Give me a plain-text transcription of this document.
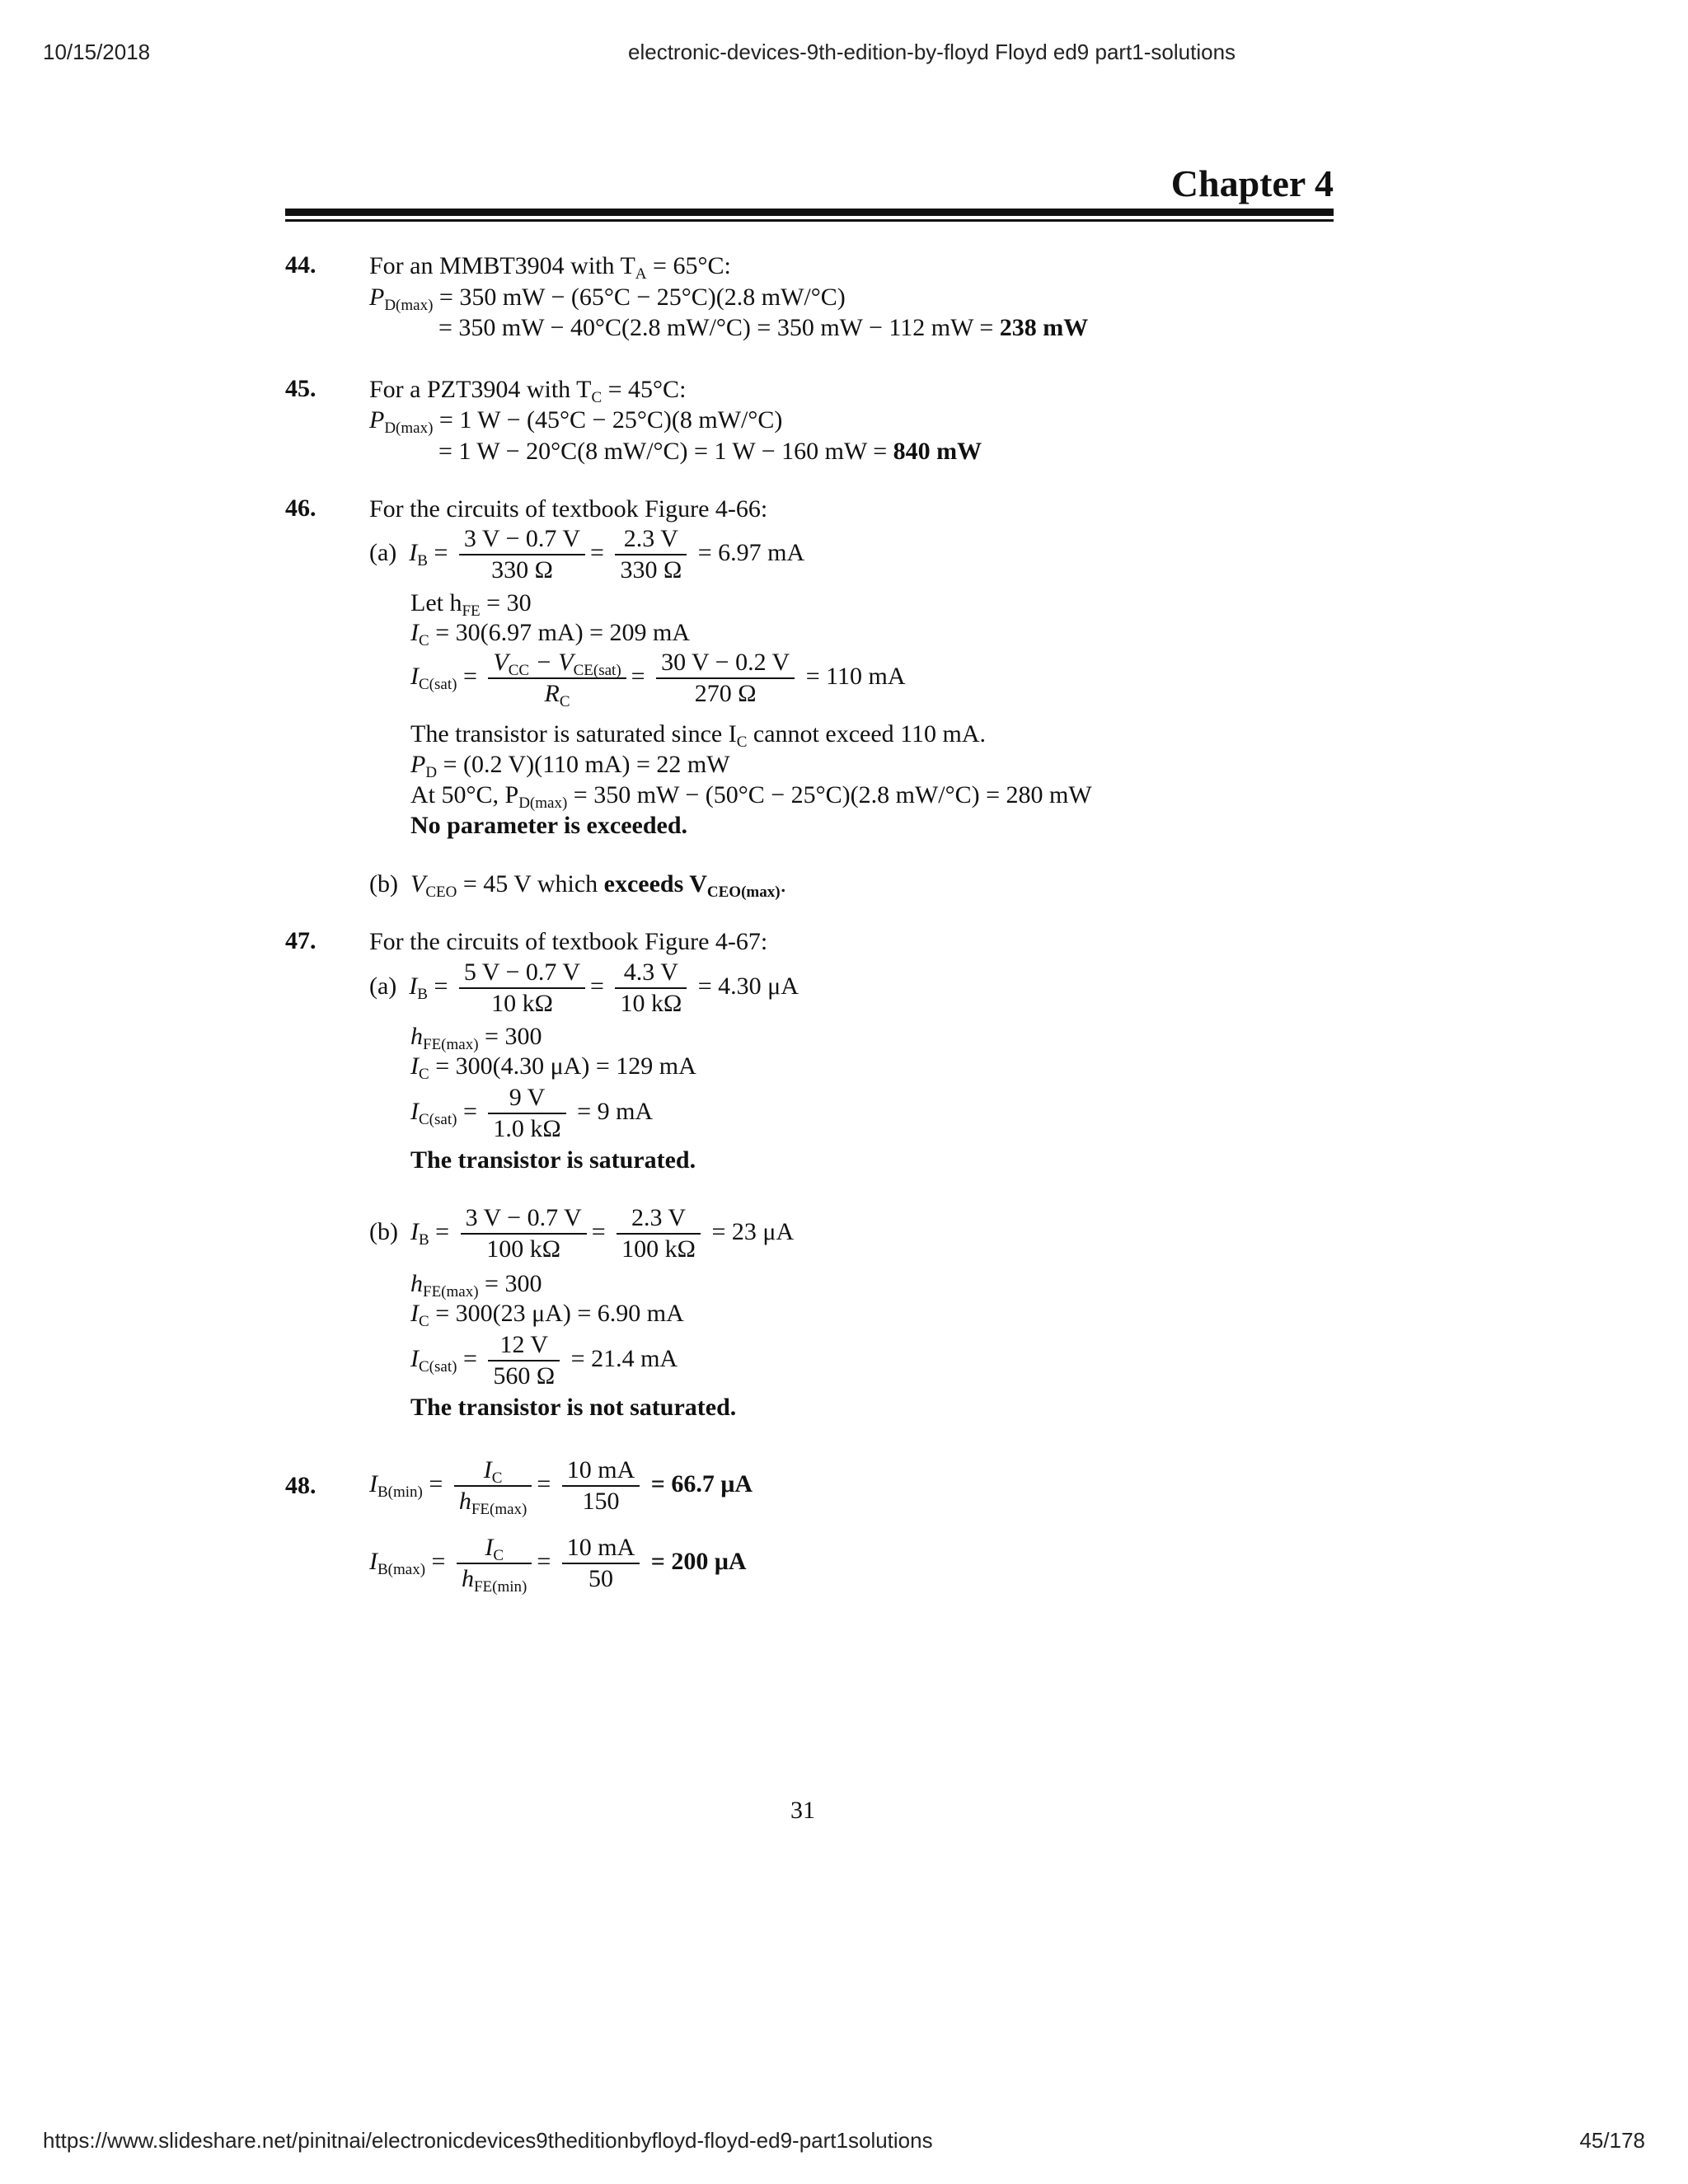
10/15/2018	electronic-devices-9th-edition-by-floyd Floyd ed9 part1-solutions
Chapter 4
44. For an MMBT3904 with $T_A = 65^\circ C$:
$P_{D(max)} = 350$ mW − (65°C − 25°C)(2.8 mW/°C)
= 350 mW − 40°C(2.8 mW/°C) = 350 mW − 112 mW = 238 mW
45. For a PZT3904 with $T_C = 45^\circ C$:
$P_{D(max)} = 1$ W − (45°C − 25°C)(8 mW/°C)
= 1 W − 20°C(8 mW/°C) = 1 W − 160 mW = 840 mW
46. For the circuits of textbook Figure 4-66:
(a) $I_B = \frac{3 V - 0.7 V}{330 \Omega} = \frac{2.3 V}{330 \Omega} = 6.97$ mA
Let $h_{FE} = 30$
$I_C = 30(6.97$ mA) = 209 mA
$I_{C(sat)} = \frac{V_{CC} - V_{CE(sat)}}{R_C} = \frac{30 V - 0.2 V}{270 \Omega} = 110$ mA
The transistor is saturated since $I_C$ cannot exceed 110 mA.
$P_D = (0.2$ V)(110 mA) = 22 mW
At 50°C, $P_{D(max)} = 350$ mW − (50°C − 25°C)(2.8 mW/°C) = 280 mW
No parameter is exceeded.
(b) $V_{CEO} = 45$ V which exceeds $V_{CEO(max)}$.
47. For the circuits of textbook Figure 4-67:
(a) $I_B = \frac{5 V - 0.7 V}{10 k\Omega} = \frac{4.3 V}{10 k\Omega} = 4.30$ μA
$h_{FE(max)} = 300$
$I_C = 300(4.30$ μA) = 129 mA
$I_{C(sat)} = \frac{9 V}{1.0 k\Omega} = 9$ mA
The transistor is saturated.
(b) $I_B = \frac{3 V - 0.7 V}{100 k\Omega} = \frac{2.3 V}{100 k\Omega} = 23$ μA
$h_{FE(max)} = 300$
$I_C = 300(23$ μA) = 6.90 mA
$I_{C(sat)} = \frac{12 V}{560 \Omega} = 21.4$ mA
The transistor is not saturated.
48. $I_{B(min)} = \frac{I_C}{h_{FE(max)}} = \frac{10 mA}{150} = 66.7$ μA
$I_{B(max)} = \frac{I_C}{h_{FE(min)}} = \frac{10 mA}{50} = 200$ μA
31
https://www.slideshare.net/pinitnai/electronicdevices9theditionbyfloyd-floyd-ed9-part1solutions	45/178
